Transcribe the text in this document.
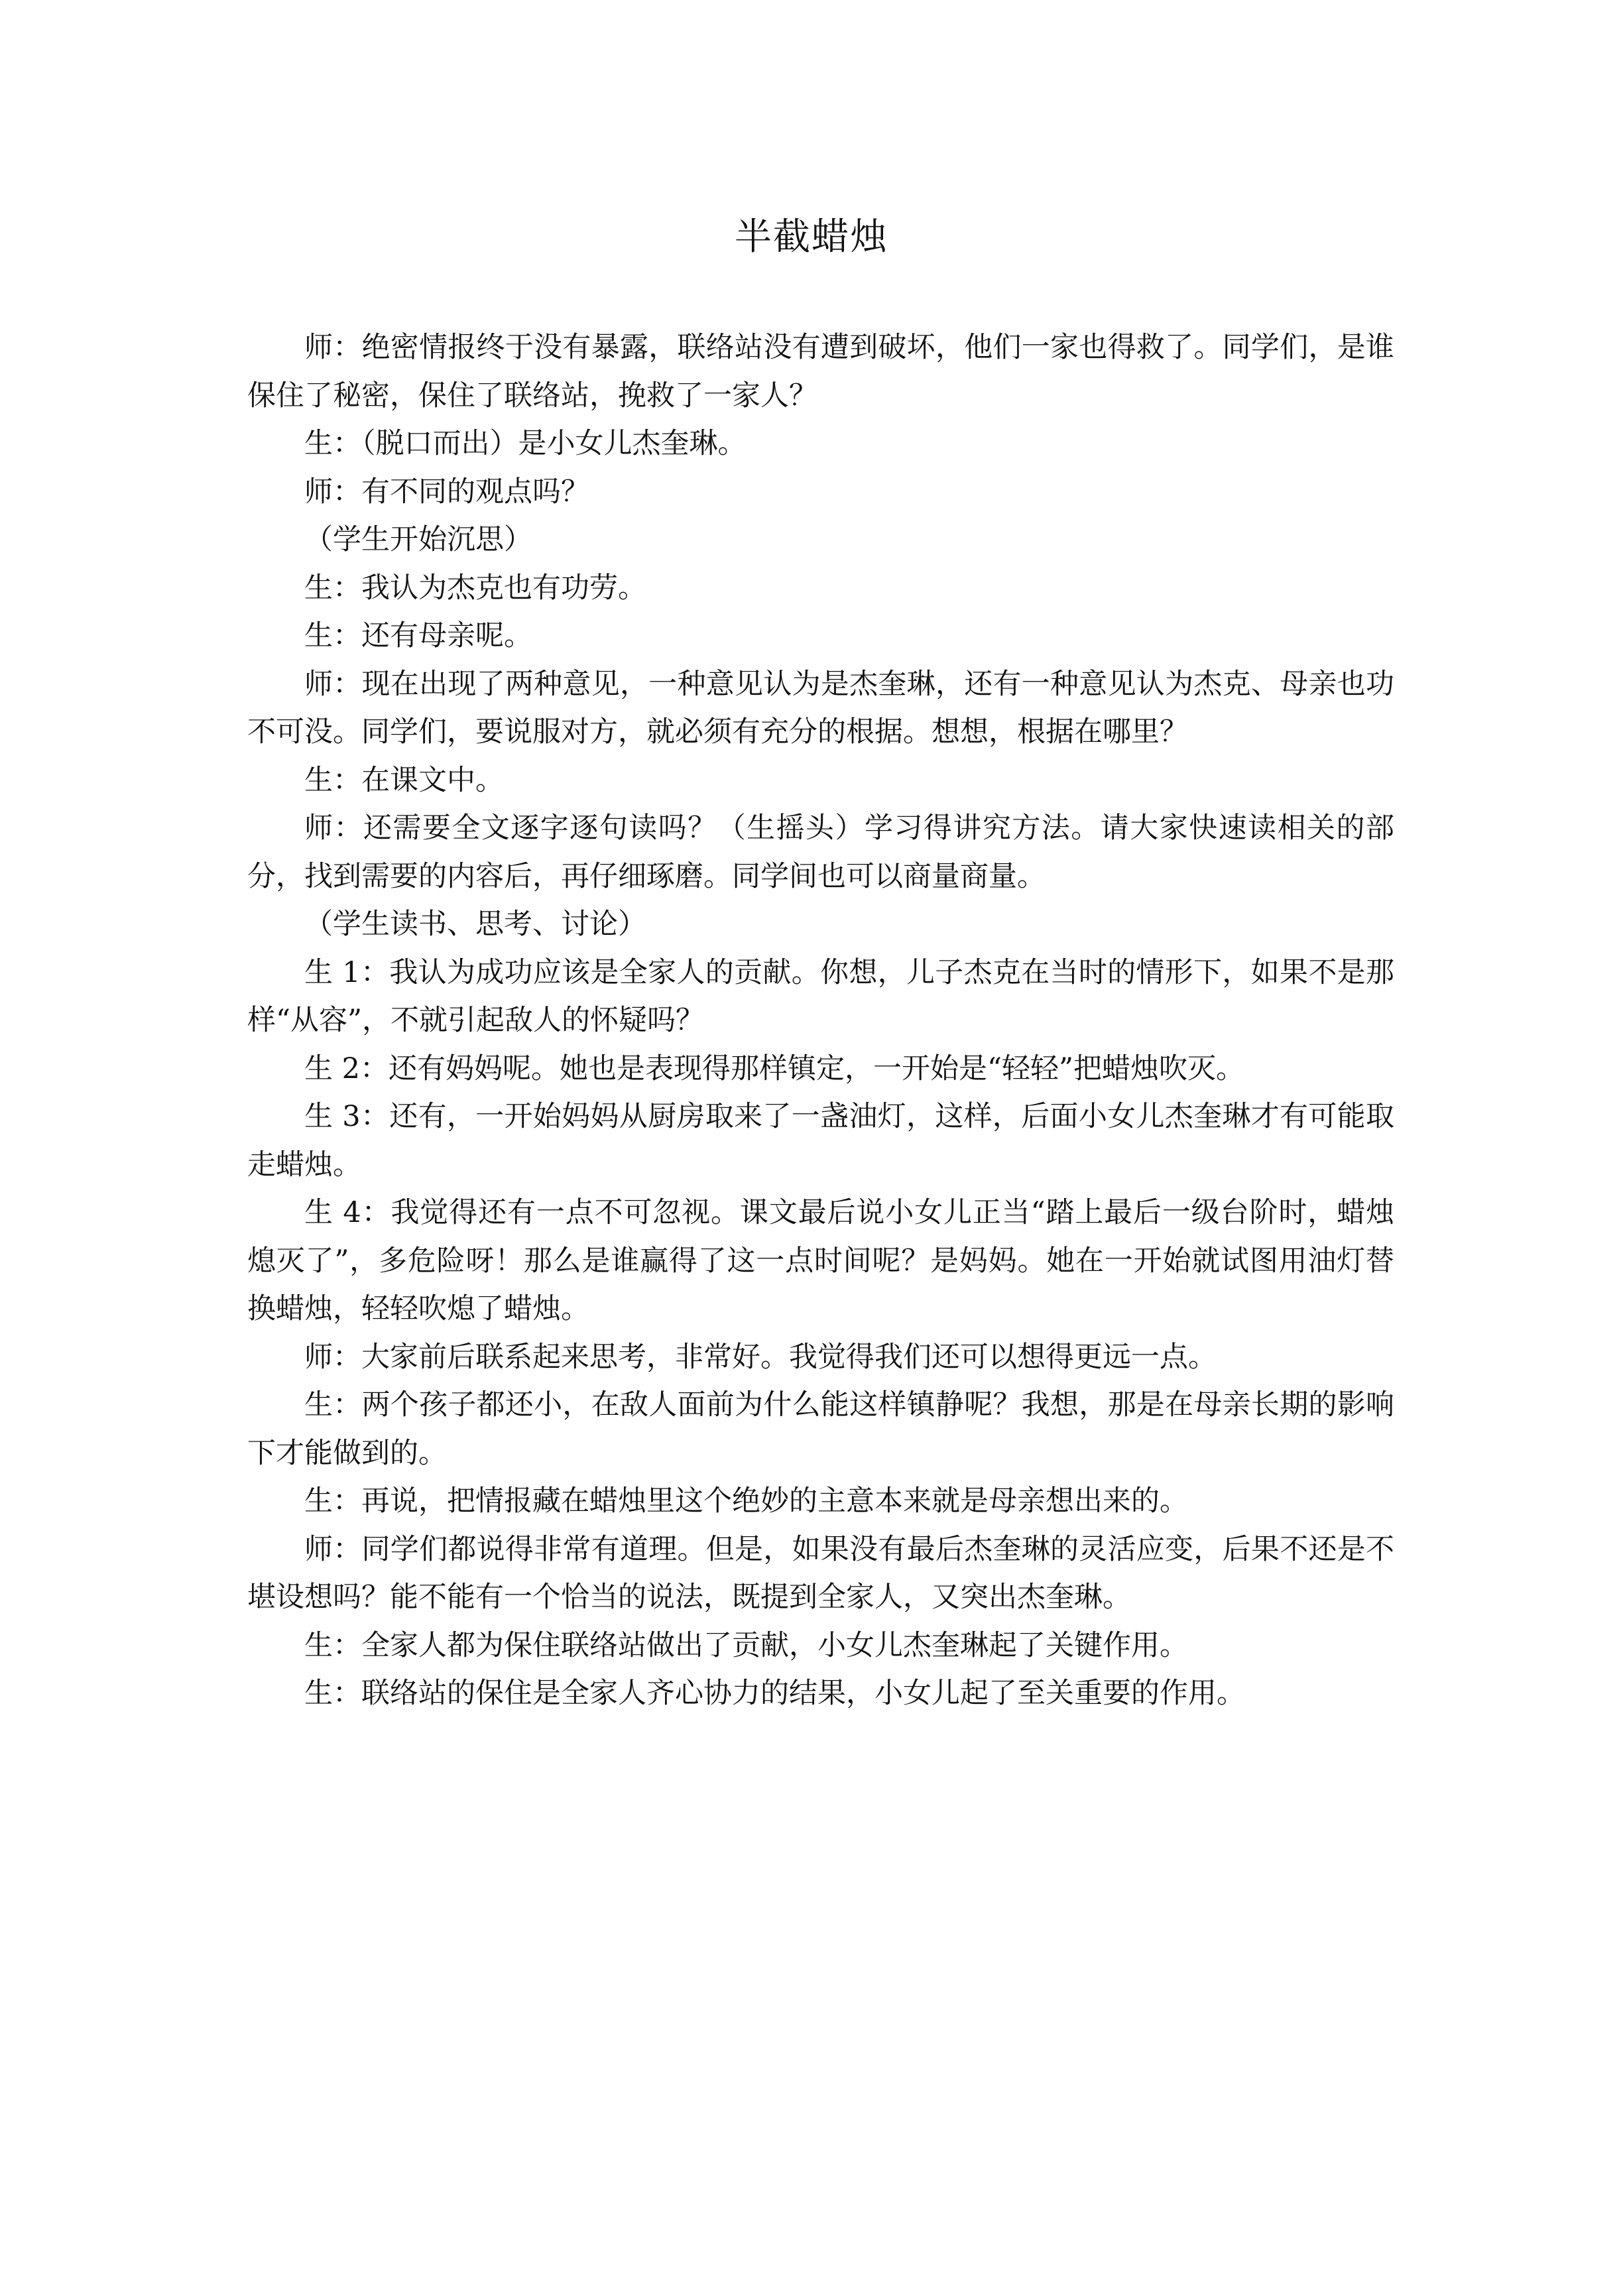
半截蜡烛

师：绝密情报终于没有暴露，联络站没有遭到破坏，他们一家也得救了。同学们，是谁保住了秘密，保住了联络站，挽救了一家人？

生：（脱口而出）是小女儿杰奎琳。

师：有不同的观点吗？

（学生开始沉思）

生：我认为杰克也有功劳。

生：还有母亲呢。

师：现在出现了两种意见，一种意见认为是杰奎琳，还有一种意见认为杰克、母亲也功不可没。同学们，要说服对方，就必须有充分的根据。想想，根据在哪里？

生：在课文中。

师：还需要全文逐字逐句读吗？（生摇头）学习得讲究方法。请大家快速读相关的部分，找到需要的内容后，再仔细琢磨。同学间也可以商量商量。

（学生读书、思考、讨论）

生 1：我认为成功应该是全家人的贡献。你想，儿子杰克在当时的情形下，如果不是那样“从容”，不就引起敌人的怀疑吗？

生 2：还有妈妈呢。她也是表现得那样镇定，一开始是“轻轻”把蜡烛吹灭。

生 3：还有，一开始妈妈从厨房取来了一盏油灯，这样，后面小女儿杰奎琳才有可能取走蜡烛。

生 4：我觉得还有一点不可忽视。课文最后说小女儿正当“踏上最后一级台阶时，蜡烛熄灭了”，多危险呀！那么是谁赢得了这一点时间呢？是妈妈。她在一开始就试图用油灯替换蜡烛，轻轻吹熄了蜡烛。

师：大家前后联系起来思考，非常好。我觉得我们还可以想得更远一点。

生：两个孩子都还小，在敌人面前为什么能这样镇静呢？我想，那是在母亲长期的影响下才能做到的。

生：再说，把情报藏在蜡烛里这个绝妙的主意本来就是母亲想出来的。

师：同学们都说得非常有道理。但是，如果没有最后杰奎琳的灵活应变，后果不还是不堪设想吗？能不能有一个恰当的说法，既提到全家人，又突出杰奎琳。

生：全家人都为保住联络站做出了贡献，小女儿杰奎琳起了关键作用。

生：联络站的保住是全家人齐心协力的结果，小女儿起了至关重要的作用。
